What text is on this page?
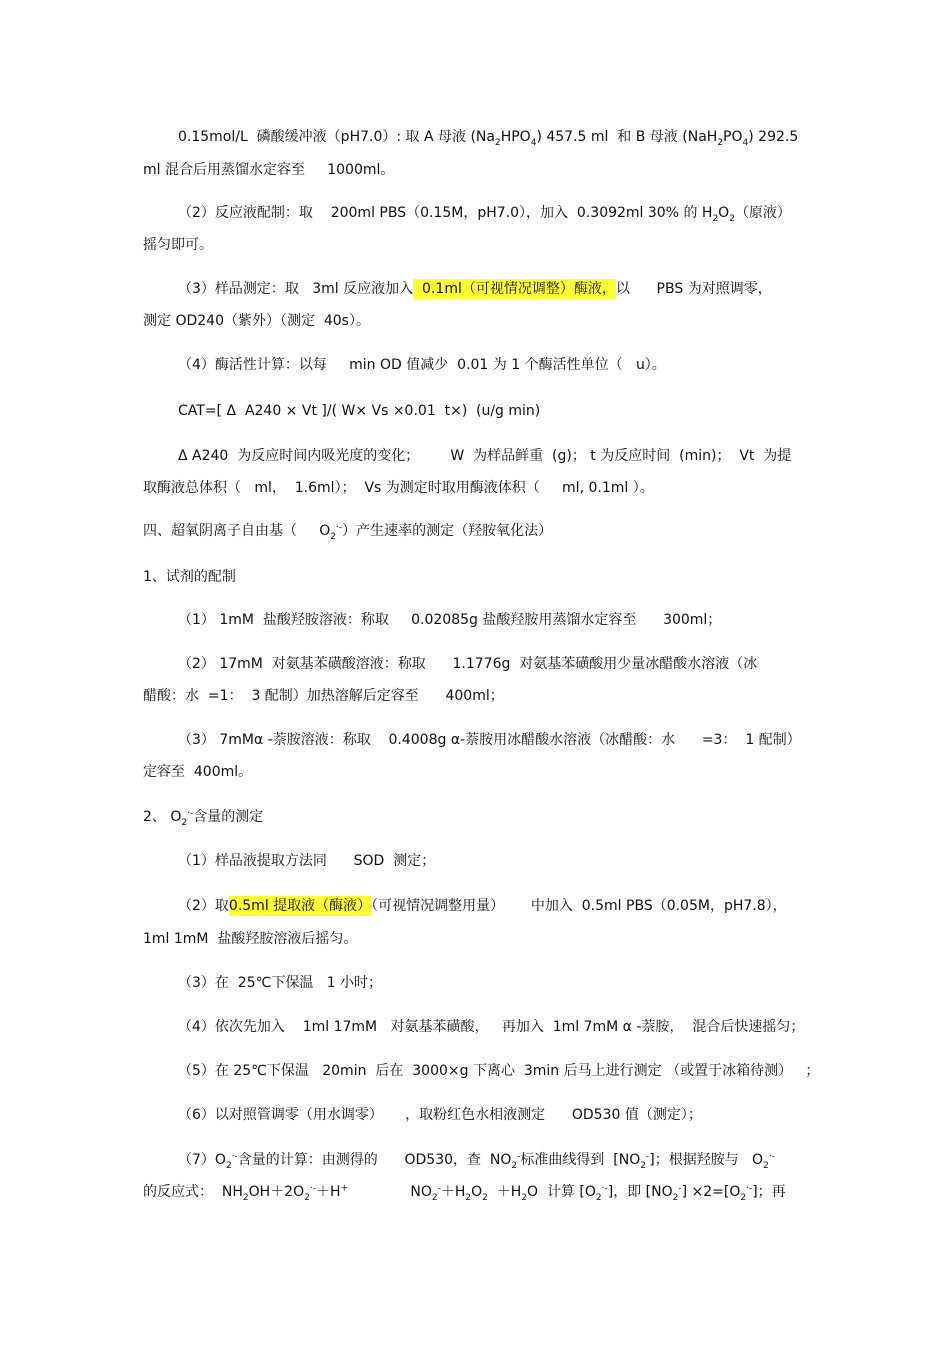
0.15mol/L  磷酸缓冲液（pH7.0）: 取 A 母液 $(Na_2HPO_4)$ 457.5 ml  和 B 母液 $(NaH_2PO_4)$ 292.5
ml 混合后用蒸馏水定容至     1000ml。
（2）反应液配制：取    200ml PBS（0.15M，pH7.0），加入  0.3092ml 30% 的 $H_2O_2$（原液）
摇匀即可。
（3）样品测定：取   3ml 反应液加入  0.1ml（可视情况调整）酶液，以      PBS 为对照调零，
测定 OD240（紫外）（测定  40s）。
（4）酶活性计算：以每     min OD 值减少  0.01 为 1 个酶活性单位（   u）。
CAT=[ Δ  A240 × Vt ]/( W× Vs ×0.01  t×) (u/g min)
Δ A240  为反应时间内吸光度的变化；       W  为样品鲜重  (g)； t 为反应时间  (min)；  Vt  为提
取酶液总体积（   ml，  1.6ml）；  Vs 为测定时取用酶液体积（     ml, 0.1ml ）。
四、超氧阴离子自由基（     $O_2^{\cdot-}$）产生速率的测定（羟胺氧化法）
1、试剂的配制
（1） 1mM  盐酸羟胺溶液：称取     0.02085g 盐酸羟胺用蒸馏水定容至      300ml；
（2） 17mM  对氨基苯磺酸溶液：称取      1.1776g  对氨基苯磺酸用少量冰醋酸水溶液（冰
醋酸：水  =1：  3 配制）加热溶解后定容至      400ml；
（3） 7mMα -萘胺溶液：称取    0.4008g α-萘胺用冰醋酸水溶液（冰醋酸：水      =3：  1 配制）
定容至  400ml。
2、 $O_2^{\cdot-}$含量的测定
（1）样品液提取方法同      SOD  测定；
（2）取0.5ml 提取液（酶液）（可视情况调整用量）      中加入  0.5ml PBS（0.05M，pH7.8），
1ml 1mM  盐酸羟胺溶液后摇匀。
（3）在  25℃下保温   1 小时；
（4）依次先加入    1ml 17mM   对氨基苯磺酸，   再加入  1ml 7mM α -萘胺，  混合后快速摇匀；
（5）在 25℃下保温   20min  后在  3000×g 下离心  3min 后马上进行测定 （或置于冰箱待测）   ；
（6）以对照管调零（用水调零）     ，取粉红色水相液测定      OD530 值（测定）；
$(7)O_2^{\cdot-}$含量的计算：由测得的      OD530，查  $NO_2^-$标准曲线得到  $[NO_2^-]$；根据羟胺与   $O_2^{\cdot-}$
的反应式：  $NH_2OH+2O_2^{\cdot-}+H^+$              $NO_2^-+H_2O_2 +H_2O$  计算 $[O_2^{\cdot-}]$，即 $[NO_2^-] \times 2=[O_2^{\cdot-}]$；再
